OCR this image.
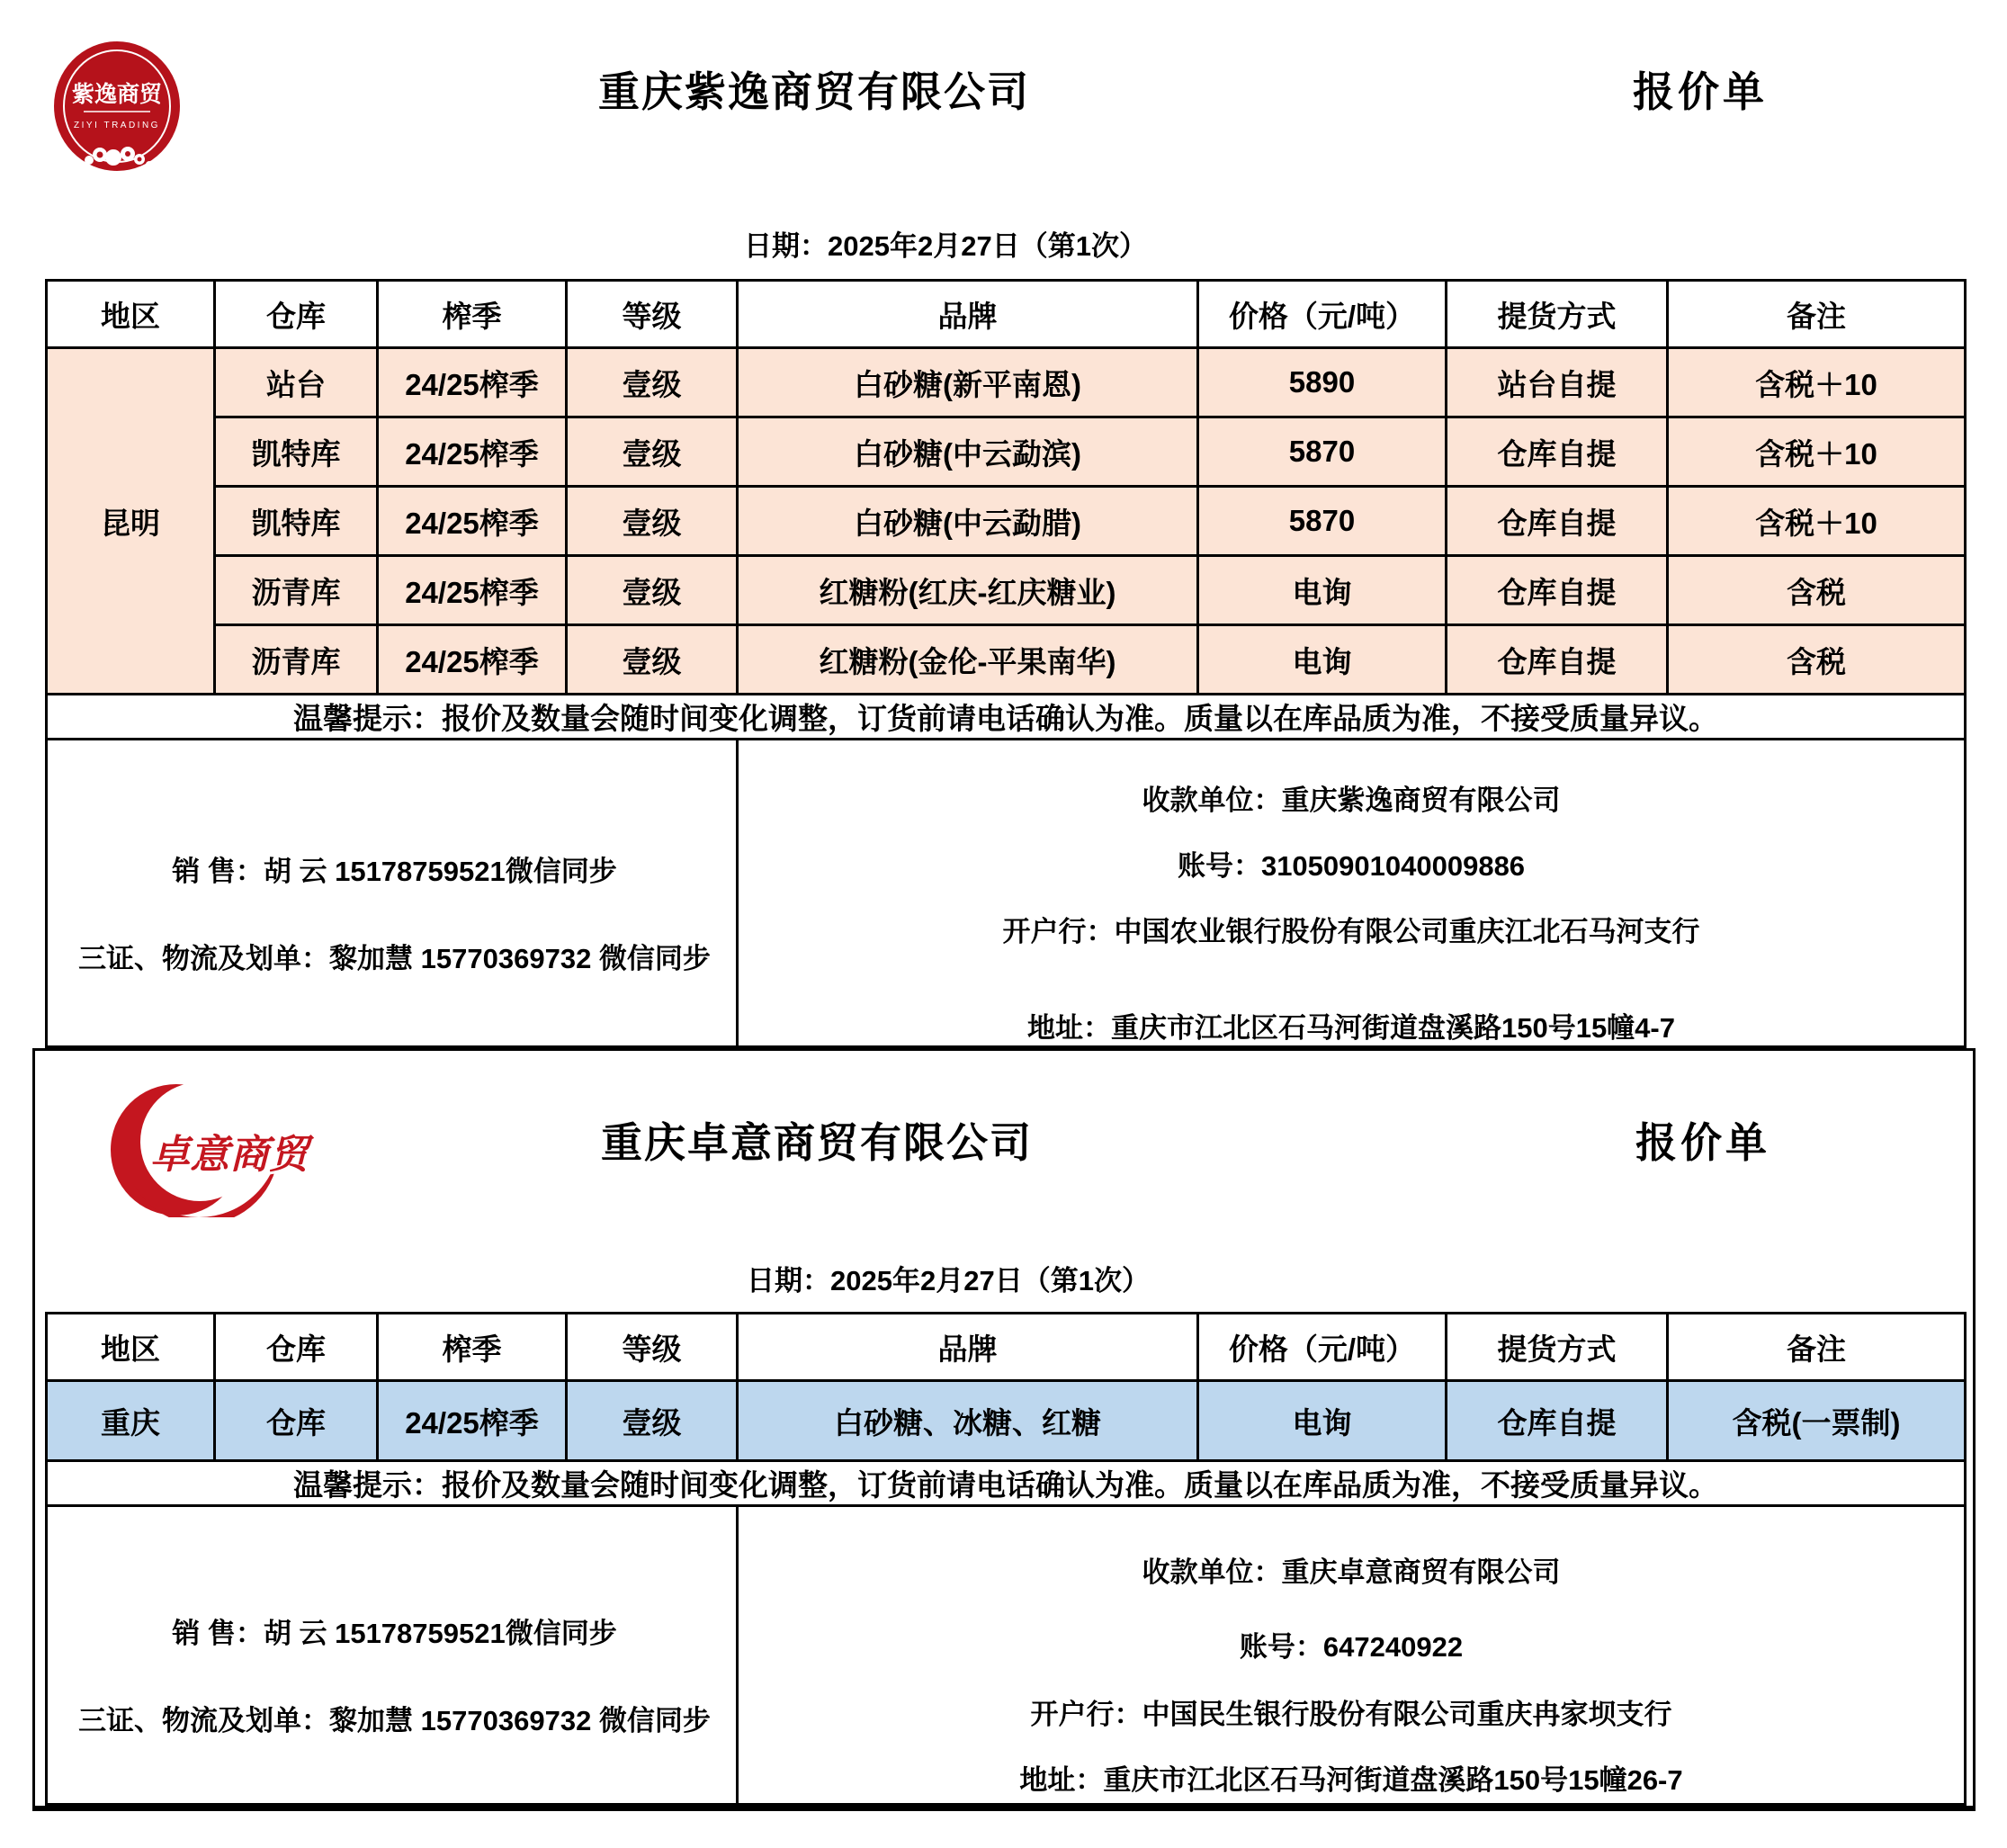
紫逸商贸
ZIYI TRADING
重庆紫逸商贸有限公司	报价单
日期：2025年2月27日（第1次）
地区	仓库	榨季	等级	品牌	价格（元/吨）	提货方式	备注
昆明	站台	24/25榨季	壹级	白砂糖(新平南恩)	5890	站台自提	含税＋10
	凯特库	24/25榨季	壹级	白砂糖(中云勐滨)	5870	仓库自提	含税＋10
	凯特库	24/25榨季	壹级	白砂糖(中云勐腊)	5870	仓库自提	含税＋10
	沥青库	24/25榨季	壹级	红糖粉(红庆-红庆糖业)	电询	仓库自提	含税
	沥青库	24/25榨季	壹级	红糖粉(金伦-平果南华)	电询	仓库自提	含税
温馨提示：报价及数量会随时间变化调整，订货前请电话确认为准。质量以在库品质为准，不接受质量异议。							

销 售：胡 云 15178759521微信同步

三证、物流及划单：黎加慧 15770369732 微信同步

收款单位：重庆紫逸商贸有限公司

账号：31050901040009886

开户行：中国农业银行股份有限公司重庆江北石马河支行

地址：重庆市江北区石马河街道盘溪路150号15幢4-7

卓意商贸	重庆卓意商贸有限公司	报价单
日期：2025年2月27日（第1次）
地区	仓库	榨季	等级	品牌	价格（元/吨）	提货方式	备注
重庆	仓库	24/25榨季	壹级	白砂糖、冰糖、红糖	电询	仓库自提	含税(一票制)
温馨提示：报价及数量会随时间变化调整，订货前请电话确认为准。质量以在库品质为准，不接受质量异议。							

销 售：胡 云 15178759521微信同步

三证、物流及划单：黎加慧 15770369732 微信同步

收款单位：重庆卓意商贸有限公司

账号：647240922

开户行：中国民生银行股份有限公司重庆冉家坝支行

地址：重庆市江北区石马河街道盘溪路150号15幢26-7
